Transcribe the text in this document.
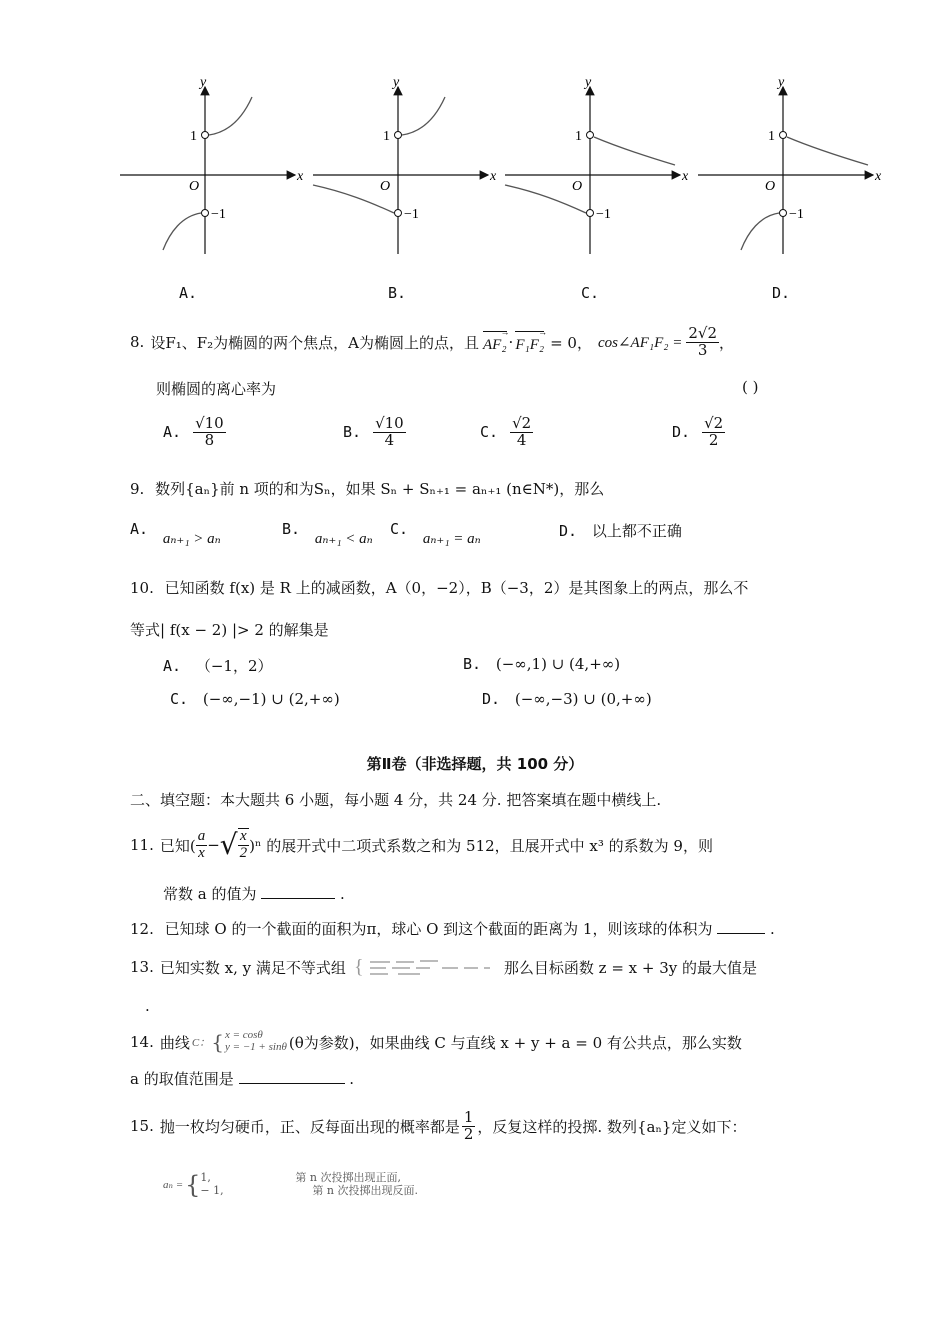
y
x
O
1
−1
y
x
O
1
−1
y
x
O
1
−1
y
x
O
1
−1
A.	B.	C.	D.
8. 设F₁、F₂为椭圆的两个焦点，A为椭圆上的点，且
→
AF₂ ·
→
F₁F₂ = 0， cos∠AF₁F₂ = $\frac{2√2}{3}$ ，
则椭圆的离心率为	( )
A. $\frac{√10}{8}$	B. $\frac{√10}{4}$	C. $\frac{√2}{4}$	D. $\frac{√2}{2}$
9. 数列{aₙ}前 n 项的和为Sₙ，如果 Sₙ + Sₙ₊₁ = aₙ₊₁ (n∈N*)，那么
A. aₙ₊₁ > aₙ
B. aₙ₊₁ < aₙ
C. aₙ₊₁ = aₙ	D. 以上都不正确
10. 已知函数 f(x) 是 R 上的减函数，A（0，−2），B（−3，2）是其图象上的两点，那么不
等式| f(x − 2) |> 2 的解集是
A. （−1，2）	B. (−∞,1) ∪ (4,+∞)
C. (−∞,−1) ∪ (2,+∞)	D. (−∞,−3) ∪ (0,+∞)
第Ⅱ卷（非选择题，共 100 分）
二、填空题：本大题共 6 小题，每小题 4 分，共 24 分. 把答案填在题中横线上.
11. 已知( $\frac{a}{x}$ − √ $\frac{x}{2} )^n$ 的展开式中二项式系数之和为 512，且展开式中 x³ 的系数为 9，则
常数 a 的值为	.
12. 已知球 O 的一个截面的面积为π，球心 O 到这个截面的距离为 1，则该球的体积为	.
13. 已知实数 x, y 满足不等式组 {	那么目标函数 z = x + 3y 的最大值是
.
14. 曲线 C： { x = cosθ
y = −1 + sinθ (θ为参数) ，如果曲线 C 与直线 x + y + a = 0 有公共点，那么实数
a 的取值范围是	.
15. 抛一枚均匀硬币，正、反每面出现的概率都是 $\frac{1}{2}$ ，反复这样的投掷. 数列{aₙ}定义如下：
aₙ = { 1,	第 n 次投掷出现正面,
− 1,	第 n 次投掷出现反面.
